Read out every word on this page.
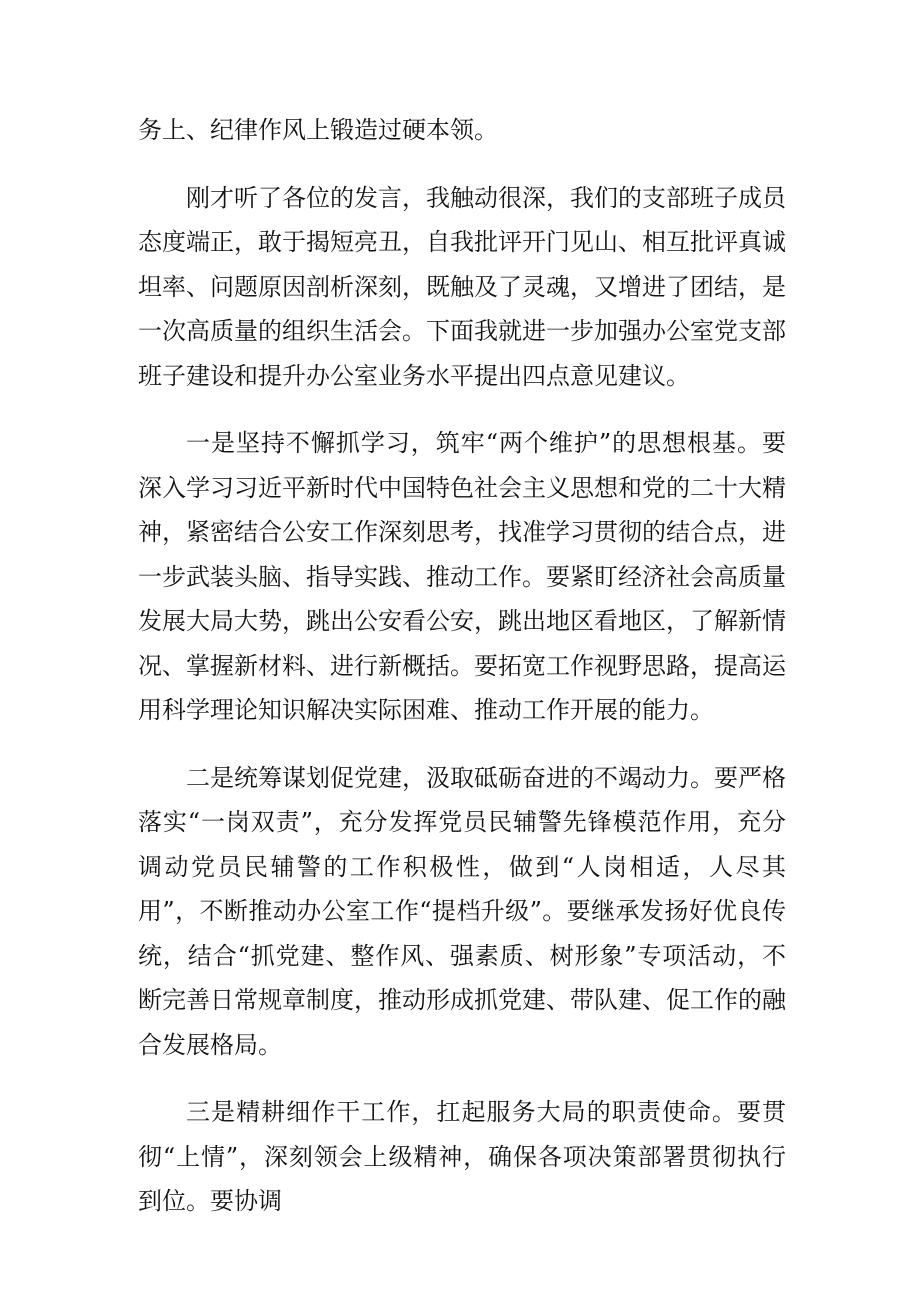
务上、纪律作风上锻造过硬本领。

刚才听了各位的发言，我触动很深，我们的支部班子成员态度端正，敢于揭短亮丑，自我批评开门见山、相互批评真诚坦率、问题原因剖析深刻，既触及了灵魂，又增进了团结，是一次高质量的组织生活会。下面我就进一步加强办公室党支部班子建设和提升办公室业务水平提出四点意见建议。

一是坚持不懈抓学习，筑牢“两个维护”的思想根基。要深入学习习近平新时代中国特色社会主义思想和党的二十大精神，紧密结合公安工作深刻思考，找准学习贯彻的结合点，进一步武装头脑、指导实践、推动工作。要紧盯经济社会高质量发展大局大势，跳出公安看公安，跳出地区看地区，了解新情况、掌握新材料、进行新概括。要拓宽工作视野思路，提高运用科学理论知识解决实际困难、推动工作开展的能力。

二是统筹谋划促党建，汲取砥砺奋进的不竭动力。要严格落实“一岗双责”，充分发挥党员民辅警先锋模范作用，充分调动党员民辅警的工作积极性，做到“人岗相适，人尽其用”，不断推动办公室工作“提档升级”。要继承发扬好优良传统，结合“抓党建、整作风、强素质、树形象”专项活动，不断完善日常规章制度，推动形成抓党建、带队建、促工作的融合发展格局。

三是精耕细作干工作，扛起服务大局的职责使命。要贯彻“上情”，深刻领会上级精神，确保各项决策部署贯彻执行到位。要协调
